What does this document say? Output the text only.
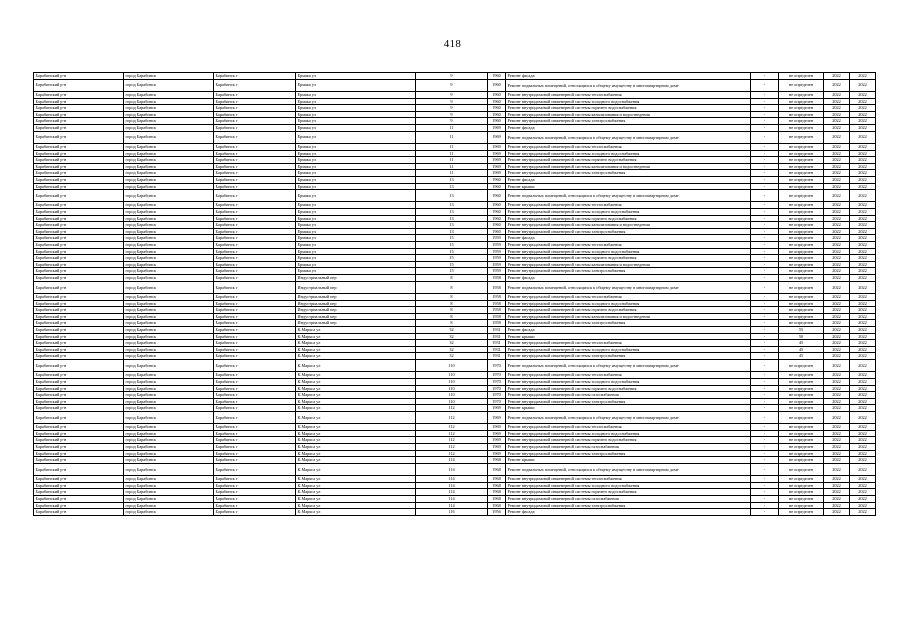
418
Барабинский р-н	город Барабинск	Барабинск г	Ермака ул	9	1960	Ремонт фасада	-	не определен	2022	2022
Барабинский р-н	город Барабинск	Барабинск г	Ермака ул	9	1960	Ремонт подвальных помещений, относящихся к общему имуществу в многоквартирном доме	-	не определен	2022	2022
Барабинский р-н	город Барабинск	Барабинск г	Ермака ул	9	1960	Ремонт внутридомовой инженерной системы теплоснабжения	-	не определен	2022	2022
Барабинский р-н	город Барабинск	Барабинск г	Ермака ул	9	1960	Ремонт внутридомовой инженерной системы холодного водоснабжения	-	не определен	2022	2022
Барабинский р-н	город Барабинск	Барабинск г	Ермака ул	9	1960	Ремонт внутридомовой инженерной системы горячего водоснабжения	-	не определен	2022	2022
Барабинский р-н	город Барабинск	Барабинск г	Ермака ул	9	1960	Ремонт внутридомовой инженерной системы канализования и водоотведения	-	не определен	2022	2022
Барабинский р-н	город Барабинск	Барабинск г	Ермака ул	9	1960	Ремонт внутридомовой инженерной системы электроснабжения	-	не определен	2022	2022
Барабинский р-н	город Барабинск	Барабинск г	Ермака ул	11	1969	Ремонт фасада	-	не определен	2022	2022
Барабинский р-н	город Барабинск	Барабинск г	Ермака ул	11	1969	Ремонт подвальных помещений, относящихся к общему имуществу в многоквартирном доме	-	не определен	2022	2022
Барабинский р-н	город Барабинск	Барабинск г	Ермака ул	11	1969	Ремонт внутридомовой инженерной системы теплоснабжения	-	не определен	2022	2022
Барабинский р-н	город Барабинск	Барабинск г	Ермака ул	11	1969	Ремонт внутридомовой инженерной системы холодного водоснабжения	-	не определен	2022	2022
Барабинский р-н	город Барабинск	Барабинск г	Ермака ул	11	1969	Ремонт внутридомовой инженерной системы горячего водоснабжения	-	не определен	2022	2022
Барабинский р-н	город Барабинск	Барабинск г	Ермака ул	11	1969	Ремонт внутридомовой инженерной системы канализования и водоотведения	-	не определен	2022	2022
Барабинский р-н	город Барабинск	Барабинск г	Ермака ул	11	1969	Ремонт внутридомовой инженерной системы электроснабжения	-	не определен	2022	2022
Барабинский р-н	город Барабинск	Барабинск г	Ермака ул	13	1960	Ремонт фасада	-	не определен	2022	2022
Барабинский р-н	город Барабинск	Барабинск г	Ермака ул	13	1960	Ремонт крыши	-	не определен	2022	2022
Барабинский р-н	город Барабинск	Барабинск г	Ермака ул	13	1960	Ремонт подвальных помещений, относящихся к общему имуществу в многоквартирном доме	-	не определен	2022	2022
Барабинский р-н	город Барабинск	Барабинск г	Ермака ул	13	1960	Ремонт внутридомовой инженерной системы теплоснабжения	-	не определен	2022	2022
Барабинский р-н	город Барабинск	Барабинск г	Ермака ул	13	1960	Ремонт внутридомовой инженерной системы холодного водоснабжения	-	не определен	2022	2022
Барабинский р-н	город Барабинск	Барабинск г	Ермака ул	13	1960	Ремонт внутридомовой инженерной системы горячего водоснабжения	-	не определен	2022	2022
Барабинский р-н	город Барабинск	Барабинск г	Ермака ул	13	1960	Ремонт внутридомовой инженерной системы канализования и водоотведения	-	не определен	2022	2022
Барабинский р-н	город Барабинск	Барабинск г	Ермака ул	13	1960	Ремонт внутридомовой инженерной системы электроснабжения	-	не определен	2022	2022
Барабинский р-н	город Барабинск	Барабинск г	Ермака ул	15	1959	Ремонт фасада	-	не определен	2022	2022
Барабинский р-н	город Барабинск	Барабинск г	Ермака ул	15	1959	Ремонт внутридомовой инженерной системы теплоснабжения	-	не определен	2022	2022
Барабинский р-н	город Барабинск	Барабинск г	Ермака ул	15	1959	Ремонт внутридомовой инженерной системы холодного водоснабжения	-	не определен	2022	2022
Барабинский р-н	город Барабинск	Барабинск г	Ермака ул	15	1959	Ремонт внутридомовой инженерной системы горячего водоснабжения	-	не определен	2022	2022
Барабинский р-н	город Барабинск	Барабинск г	Ермака ул	15	1959	Ремонт внутридомовой инженерной системы канализования и водоотведения	-	не определен	2022	2022
Барабинский р-н	город Барабинск	Барабинск г	Ермака ул	15	1959	Ремонт внутридомовой инженерной системы электроснабжения	-	не определен	2022	2022
Барабинский р-н	город Барабинск	Барабинск г	Индустриальный пер	8	1958	Ремонт фасада	-	не определен	2022	2022
Барабинский р-н	город Барабинск	Барабинск г	Индустриальный пер	8	1958	Ремонт подвальных помещений, относящихся к общему имуществу в многоквартирном доме	-	не определен	2022	2022
Барабинский р-н	город Барабинск	Барабинск г	Индустриальный пер	8	1958	Ремонт внутридомовой инженерной системы теплоснабжения	-	не определен	2022	2022
Барабинский р-н	город Барабинск	Барабинск г	Индустриальный пер	8	1958	Ремонт внутридомовой инженерной системы холодного водоснабжения	-	не определен	2022	2022
Барабинский р-н	город Барабинск	Барабинск г	Индустриальный пер	8	1958	Ремонт внутридомовой инженерной системы горячего водоснабжения	-	не определен	2022	2022
Барабинский р-н	город Барабинск	Барабинск г	Индустриальный пер	8	1958	Ремонт внутридомовой инженерной системы канализования и водоотведения	-	не определен	2022	2022
Барабинский р-н	город Барабинск	Барабинск г	Индустриальный пер	8	1958	Ремонт внутридомовой инженерной системы электроснабжения	-	не определен	2022	2022
Барабинский р-н	город Барабинск	Барабинск г	К.Маркса ул	32	1931	Ремонт фасада	-	55	2022	2022
Барабинский р-н	город Барабинск	Барабинск г	К.Маркса ул	32	1931	Ремонт крыши	-	50	2022	2022
Барабинский р-н	город Барабинск	Барабинск г	К.Маркса ул	32	1931	Ремонт внутридомовой инженерной системы теплоснабжения	-	45	2022	2022
Барабинский р-н	город Барабинск	Барабинск г	К.Маркса ул	32	1931	Ремонт внутридомовой инженерной системы холодного водоснабжения	-	45	2022	2022
Барабинский р-н	город Барабинск	Барабинск г	К.Маркса ул	32	1931	Ремонт внутридомовой инженерной системы электроснабжения	-	45	2022	2022
Барабинский р-н	город Барабинск	Барабинск г	К.Маркса ул	110	1970	Ремонт подвальных помещений, относящихся к общему имуществу в многоквартирном доме	-	не определен	2022	2022
Барабинский р-н	город Барабинск	Барабинск г	К.Маркса ул	110	1970	Ремонт внутридомовой инженерной системы теплоснабжения	-	не определен	2022	2022
Барабинский р-н	город Барабинск	Барабинск г	К.Маркса ул	110	1970	Ремонт внутридомовой инженерной системы холодного водоснабжения	-	не определен	2022	2022
Барабинский р-н	город Барабинск	Барабинск г	К.Маркса ул	110	1970	Ремонт внутридомовой инженерной системы горячего водоснабжения	-	не определен	2022	2022
Барабинский р-н	город Барабинск	Барабинск г	К.Маркса ул	110	1970	Ремонт внутридомовой инженерной системы газоснабжения	-	не определен	2022	2022
Барабинский р-н	город Барабинск	Барабинск г	К.Маркса ул	110	1970	Ремонт внутридомовой инженерной системы электроснабжения	-	не определен	2022	2022
Барабинский р-н	город Барабинск	Барабинск г	К.Маркса ул	112	1969	Ремонт крыши	-	не определен	2022	2022
Барабинский р-н	город Барабинск	Барабинск г	К.Маркса ул	112	1969	Ремонт подвальных помещений, относящихся к общему имуществу в многоквартирном доме	-	не определен	2022	2022
Барабинский р-н	город Барабинск	Барабинск г	К.Маркса ул	112	1969	Ремонт внутридомовой инженерной системы теплоснабжения	-	не определен	2022	2022
Барабинский р-н	город Барабинск	Барабинск г	К.Маркса ул	112	1969	Ремонт внутридомовой инженерной системы холодного водоснабжения	-	не определен	2022	2022
Барабинский р-н	город Барабинск	Барабинск г	К.Маркса ул	112	1969	Ремонт внутридомовой инженерной системы горячего водоснабжения	-	не определен	2022	2022
Барабинский р-н	город Барабинск	Барабинск г	К.Маркса ул	112	1969	Ремонт внутридомовой инженерной системы газоснабжения	-	не определен	2022	2022
Барабинский р-н	город Барабинск	Барабинск г	К.Маркса ул	112	1969	Ремонт внутридомовой инженерной системы электроснабжения	-	не определен	2022	2022
Барабинский р-н	город Барабинск	Барабинск г	К.Маркса ул	114	1968	Ремонт крыши	-	не определен	2022	2022
Барабинский р-н	город Барабинск	Барабинск г	К.Маркса ул	114	1968	Ремонт подвальных помещений, относящихся к общему имуществу в многоквартирном доме	-	не определен	2022	2022
Барабинский р-н	город Барабинск	Барабинск г	К.Маркса ул	114	1968	Ремонт внутридомовой инженерной системы теплоснабжения	-	не определен	2022	2022
Барабинский р-н	город Барабинск	Барабинск г	К.Маркса ул	114	1968	Ремонт внутридомовой инженерной системы холодного водоснабжения	-	не определен	2022	2022
Барабинский р-н	город Барабинск	Барабинск г	К.Маркса ул	114	1968	Ремонт внутридомовой инженерной системы горячего водоснабжения	-	не определен	2022	2022
Барабинский р-н	город Барабинск	Барабинск г	К.Маркса ул	114	1968	Ремонт внутридомовой инженерной системы газоснабжения	-	не определен	2022	2022
Барабинский р-н	город Барабинск	Барабинск г	К.Маркса ул	114	1968	Ремонт внутридомовой инженерной системы электроснабжения	-	не определен	2022	2022
Барабинский р-н	город Барабинск	Барабинск г	К.Маркса ул	116	1956	Ремонт фасада	-	не определен	2022	2022
